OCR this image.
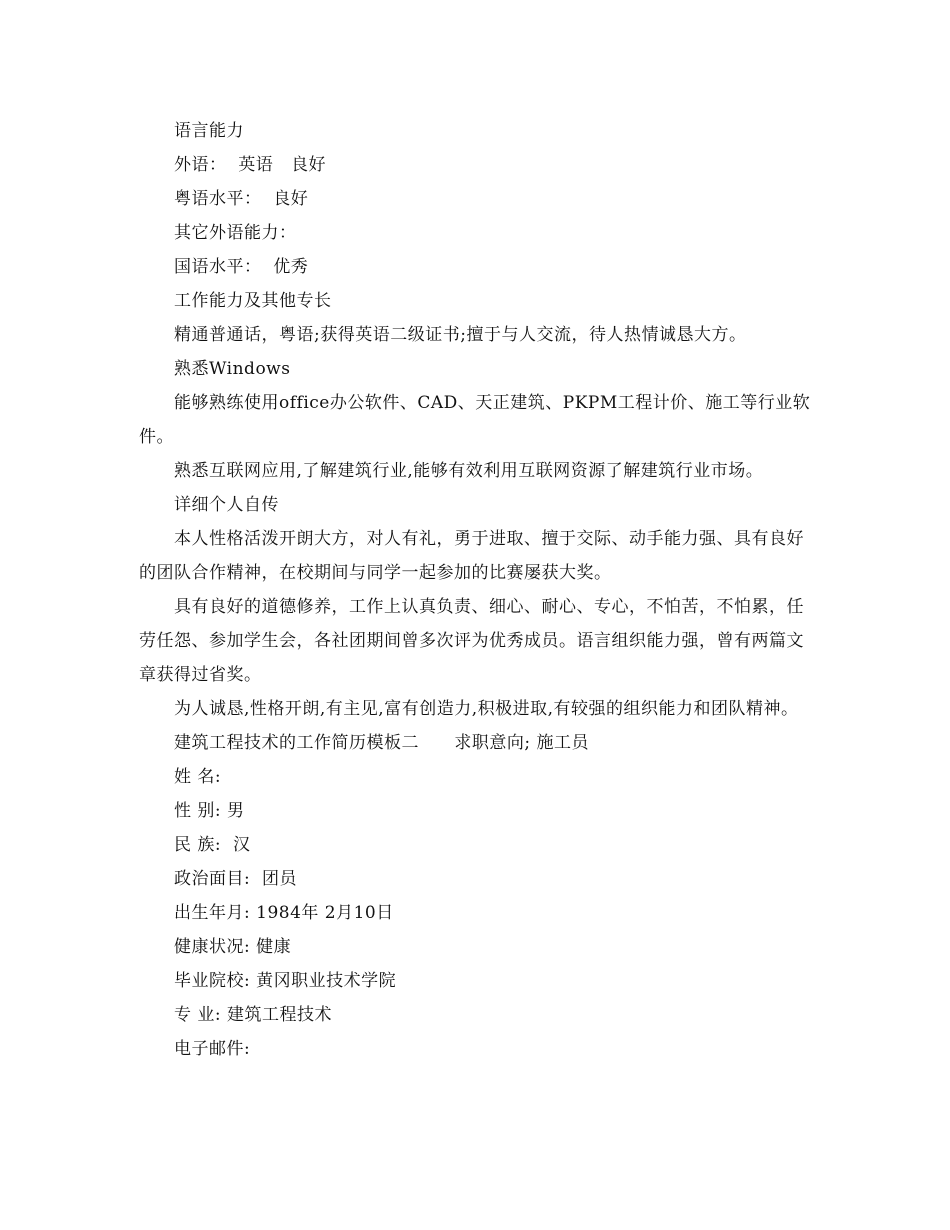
语言能力

外语：  英语   良好

粤语水平：  良好

其它外语能力：

国语水平：  优秀

工作能力及其他专长

精通普通话，粤语;获得英语二级证书;擅于与人交流，待人热情诚恳大方。

熟悉Windows

能够熟练使用office办公软件、CAD、天正建筑、PKPM工程计价、施工等行业软件。

熟悉互联网应用,了解建筑行业,能够有效利用互联网资源了解建筑行业市场。

详细个人自传

本人性格活泼开朗大方，对人有礼，勇于进取、擅于交际、动手能力强、具有良好的团队合作精神，在校期间与同学一起参加的比赛屡获大奖。

具有良好的道德修养，工作上认真负责、细心、耐心、专心，不怕苦，不怕累，任劳任怨、参加学生会，各社团期间曾多次评为优秀成员。语言组织能力强，曾有两篇文章获得过省奖。

为人诚恳,性格开朗,有主见,富有创造力,积极进取,有较强的组织能力和团队精神。

建筑工程技术的工作简历模板二      求职意向; 施工员

姓 名:

性 别: 男

民 族:  汉

政治面目:  团员

出生年月: 1984年 2月10日

健康状况: 健康

毕业院校: 黄冈职业技术学院

专 业: 建筑工程技术

电子邮件:
